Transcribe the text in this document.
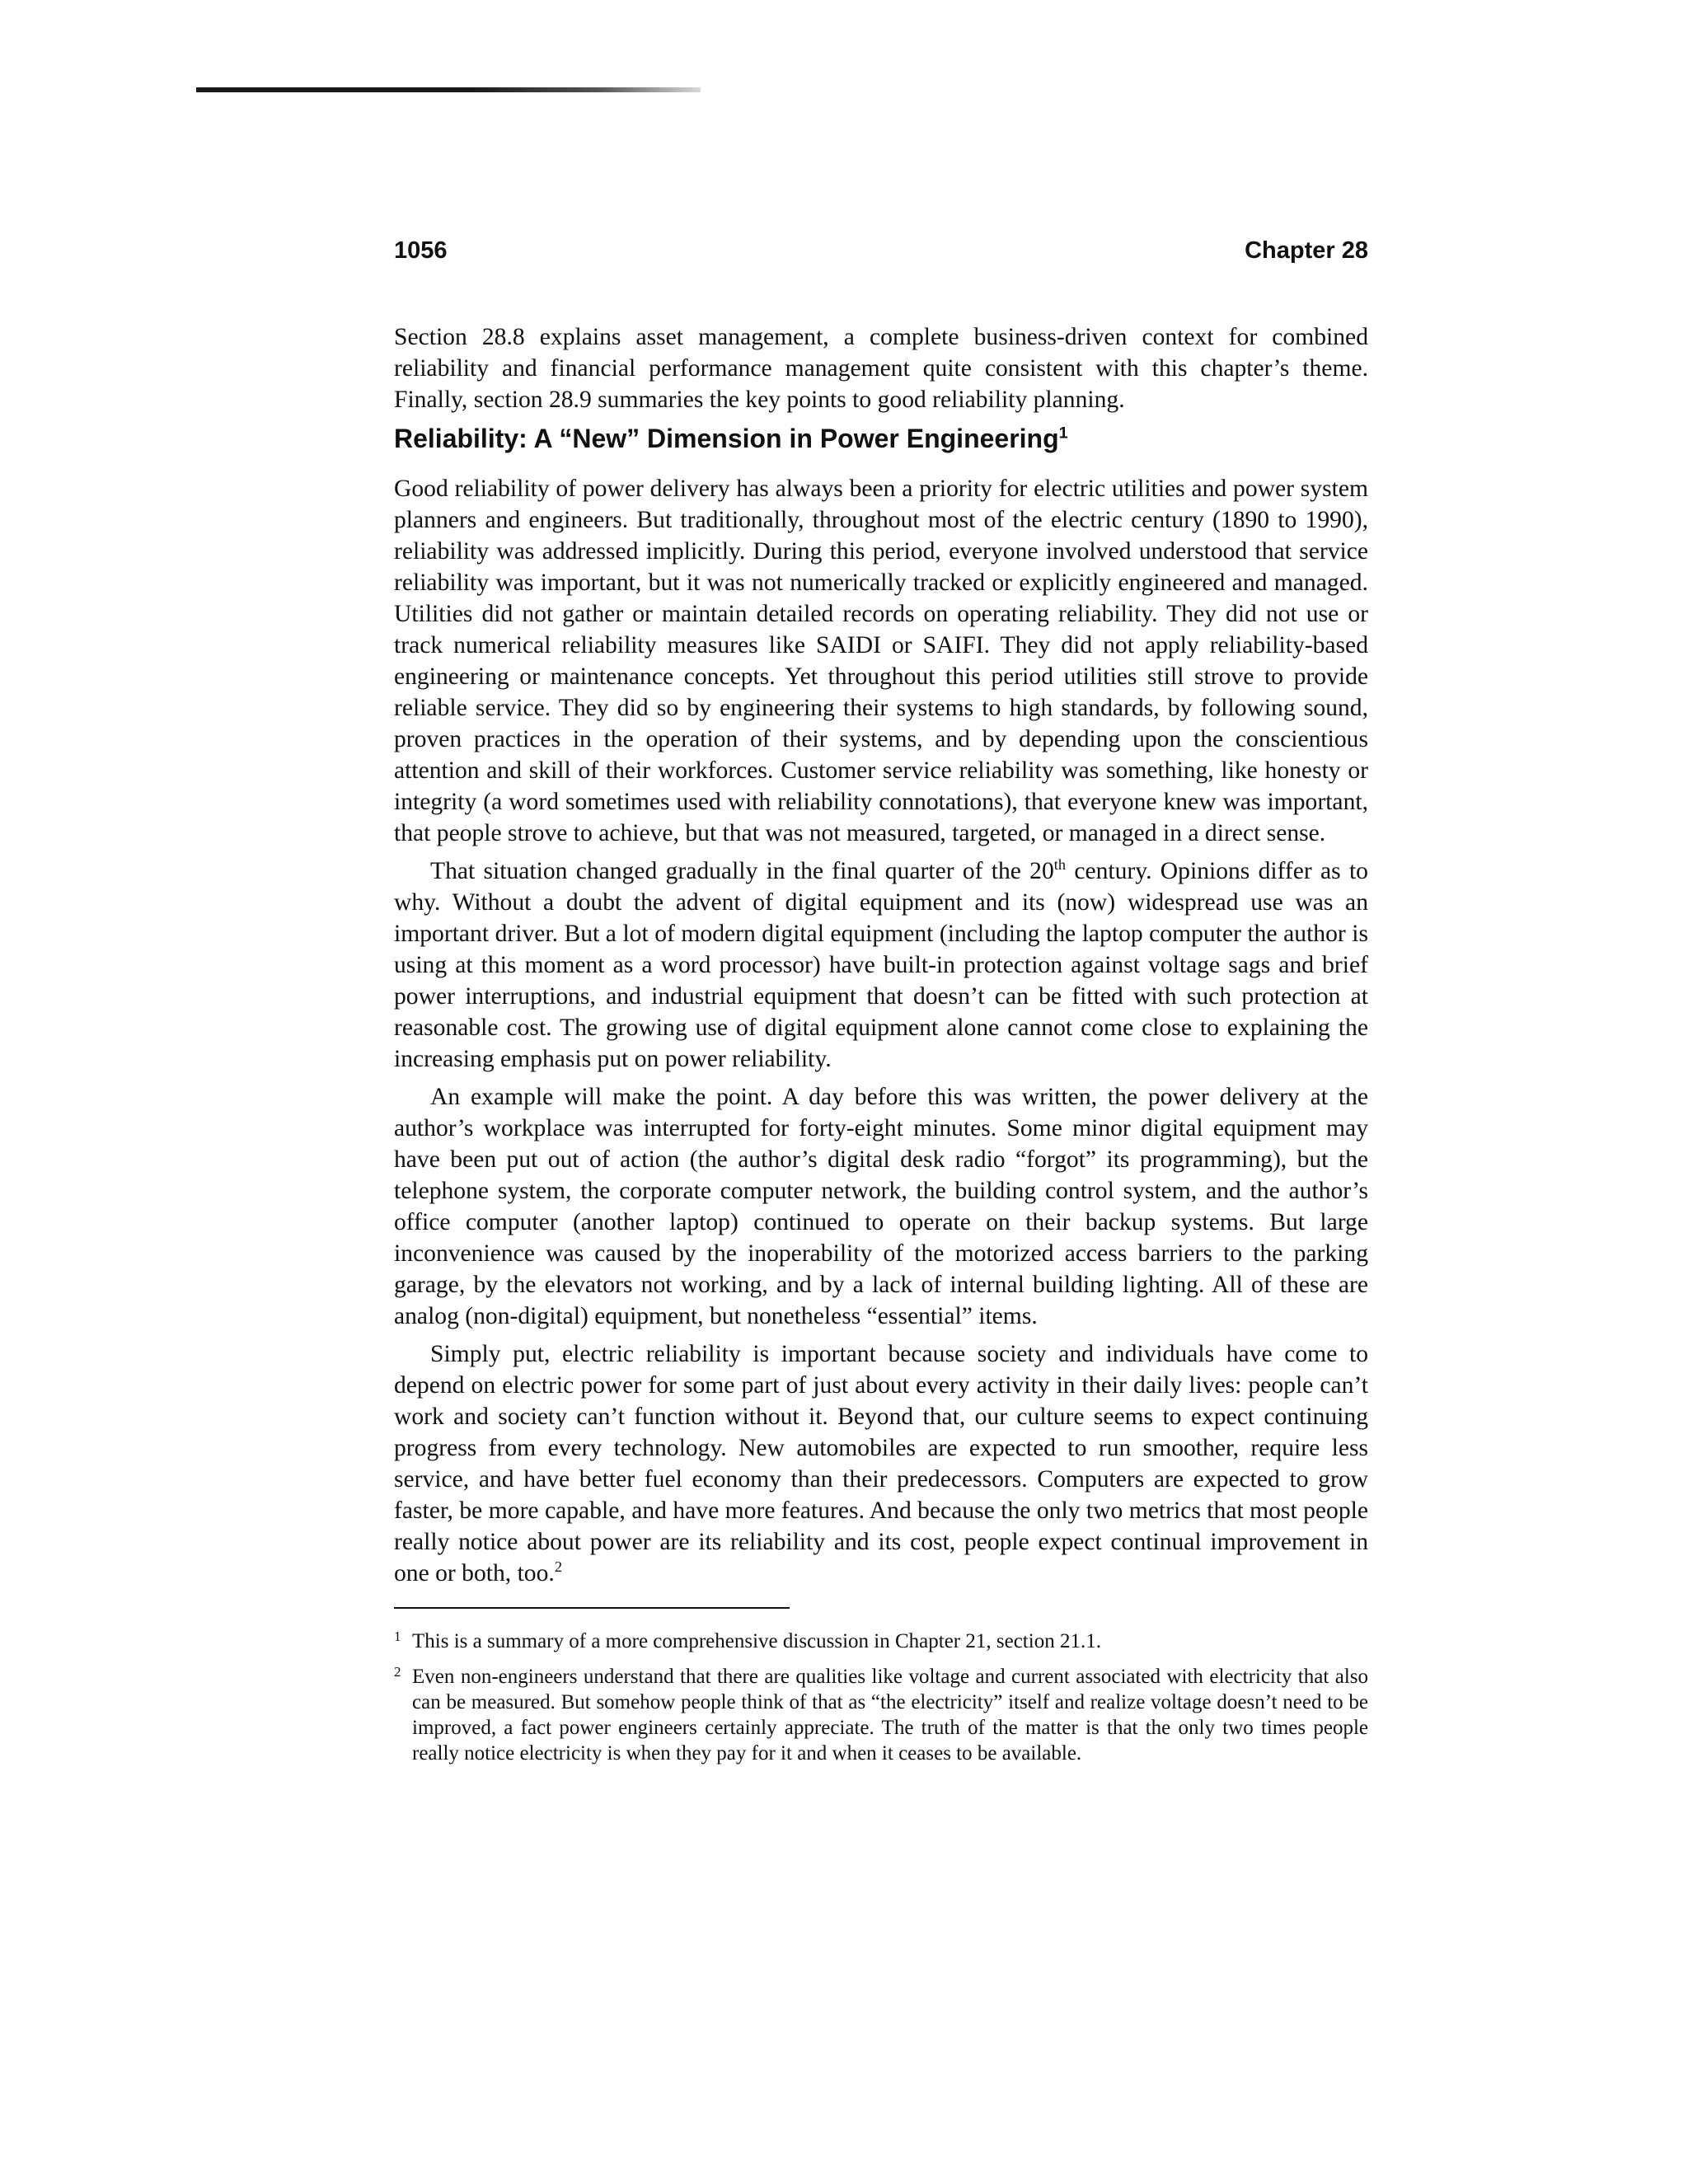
1056	Chapter 28

Section 28.8 explains asset management, a complete business-driven context for combined reliability and financial performance management quite consistent with this chapter’s theme. Finally, section 28.9 summaries the key points to good reliability planning.

Reliability: A “New” Dimension in Power Engineering$^1$

Good reliability of power delivery has always been a priority for electric utilities and power system planners and engineers. But traditionally, throughout most of the electric century (1890 to 1990), reliability was addressed implicitly. During this period, everyone involved understood that service reliability was important, but it was not numerically tracked or explicitly engineered and managed. Utilities did not gather or maintain detailed records on operating reliability. They did not use or track numerical reliability measures like SAIDI or SAIFI. They did not apply reliability-based engineering or maintenance concepts. Yet throughout this period utilities still strove to provide reliable service. They did so by engineering their systems to high standards, by following sound, proven practices in the operation of their systems, and by depending upon the conscientious attention and skill of their workforces. Customer service reliability was something, like honesty or integrity (a word sometimes used with reliability connotations), that everyone knew was important, that people strove to achieve, but that was not measured, targeted, or managed in a direct sense.

That situation changed gradually in the final quarter of the 20th century. Opinions differ as to why. Without a doubt the advent of digital equipment and its (now) widespread use was an important driver. But a lot of modern digital equipment (including the laptop computer the author is using at this moment as a word processor) have built-in protection against voltage sags and brief power interruptions, and industrial equipment that doesn’t can be fitted with such protection at reasonable cost. The growing use of digital equipment alone cannot come close to explaining the increasing emphasis put on power reliability.

An example will make the point. A day before this was written, the power delivery at the author’s workplace was interrupted for forty-eight minutes. Some minor digital equipment may have been put out of action (the author’s digital desk radio “forgot” its programming), but the telephone system, the corporate computer network, the building control system, and the author’s office computer (another laptop) continued to operate on their backup systems. But large inconvenience was caused by the inoperability of the motorized access barriers to the parking garage, by the elevators not working, and by a lack of internal building lighting. All of these are analog (non-digital) equipment, but nonetheless “essential” items.

Simply put, electric reliability is important because society and individuals have come to depend on electric power for some part of just about every activity in their daily lives: people can’t work and society can’t function without it. Beyond that, our culture seems to expect continuing progress from every technology. New automobiles are expected to run smoother, require less service, and have better fuel economy than their predecessors. Computers are expected to grow faster, be more capable, and have more features. And because the only two metrics that most people really notice about power are its reliability and its cost, people expect continual improvement in one or both, too.$^2$

1 This is a summary of a more comprehensive discussion in Chapter 21, section 21.1.
2 Even non-engineers understand that there are qualities like voltage and current associated with electricity that also can be measured. But somehow people think of that as “the electricity” itself and realize voltage doesn’t need to be improved, a fact power engineers certainly appreciate. The truth of the matter is that the only two times people really notice electricity is when they pay for it and when it ceases to be available.
